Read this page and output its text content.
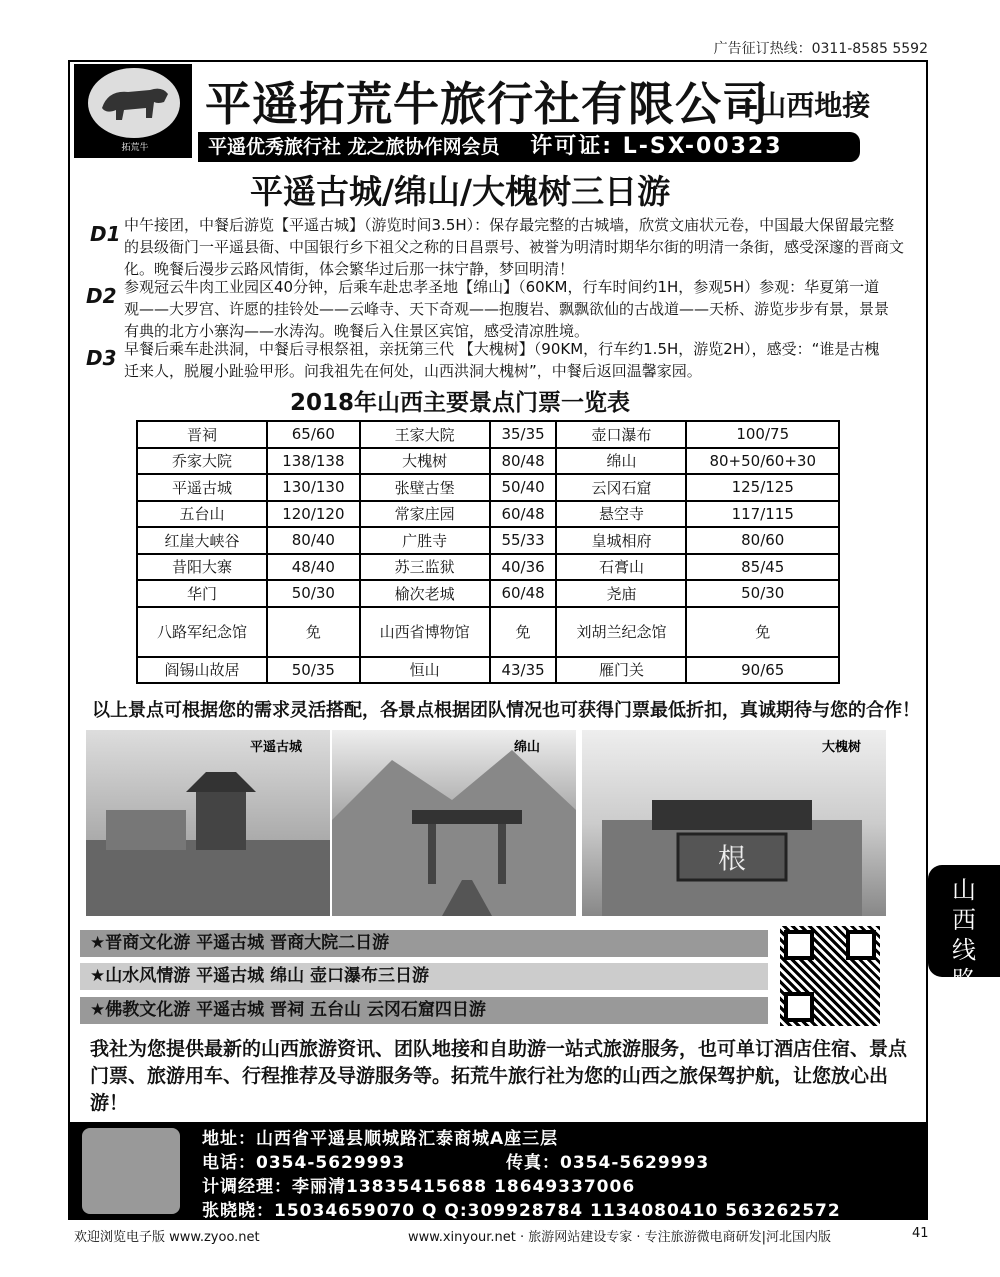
广告征订热线：0311-8585 5592
拓荒牛
平遥拓荒牛旅行社有限公司
--山西地接
平遥优秀旅行社 龙之旅协作网会员 许可证: L-SX-00323
平遥古城/绵山/大槐树三日游
D1 中午接团，中餐后游览【平遥古城】（游览时间3.5H）：保存最完整的古城墙，欣赏文庙状元卷，中国最大保留最完整的县级衙门一平遥县衙、中国银行乡下祖父之称的日昌票号、被誉为明清时期华尔街的明清一条街，感受深邃的晋商文化。晚餐后漫步云路风情街，体会繁华过后那一抹宁静，梦回明清！
D2 参观冠云牛肉工业园区40分钟，后乘车赴忠孝圣地【绵山】（60KM，行车时间约1H，参观5H）参观：华夏第一道观——大罗宫、许愿的挂铃处——云峰寺、天下奇观——抱腹岩、飘飘欲仙的古战道——天桥、游览步步有景，景景有典的北方小寨沟——水涛沟。晚餐后入住景区宾馆，感受清凉胜境。
D3 早餐后乘车赴洪洞，中餐后寻根祭祖，亲抚第三代 【大槐树】（90KM，行车约1.5H，游览2H），感受：“谁是古槐迁来人，脱履小趾验甲形。问我祖先在何处，山西洪洞大槐树”，中餐后返回温馨家园。
2018年山西主要景点门票一览表
晋祠	65/60	王家大院	35/35	壶口瀑布	100/75
乔家大院	138/138	大槐树	80/48	绵山	80+50/60+30
平遥古城	130/130	张壁古堡	50/40	云冈石窟	125/125
五台山	120/120	常家庄园	60/48	悬空寺	117/115
红崖大峡谷	80/40	广胜寺	55/33	皇城相府	80/60
昔阳大寨	48/40	苏三监狱	40/36	石膏山	85/45
华门	50/30	榆次老城	60/48	尧庙	50/30
八路军纪念馆	免	山西省博物馆	免	刘胡兰纪念馆	免
阎锡山故居	50/35	恒山	43/35	雁门关	90/65
以上景点可根据您的需求灵活搭配，各景点根据团队情况也可获得门票最低折扣，真诚期待与您的合作！
平遥古城	绵山
根
大槐树
山西线路
★晋商文化游 平遥古城 晋商大院二日游
★山水风情游 平遥古城 绵山 壶口瀑布三日游
★佛教文化游 平遥古城 晋祠 五台山 云冈石窟四日游
我社为您提供最新的山西旅游资讯、团队地接和自助游一站式旅游服务，也可单订酒店住宿、景点门票、旅游用车、行程推荐及导游服务等。拓荒牛旅行社为您的山西之旅保驾护航，让您放心出游！
地址：山西省平遥县顺城路汇泰商城A座三层
电话：0354-5629993	传真：0354-5629993
计调经理：李丽清13835415688 18649337006
张晓晓：15034659070 Q Q:309928784 1134080410 563262572
欢迎浏览电子版 www.zyoo.net	www.xinyour.net · 旅游网站建设专家 · 专注旅游微电商研发|河北国内版	41
